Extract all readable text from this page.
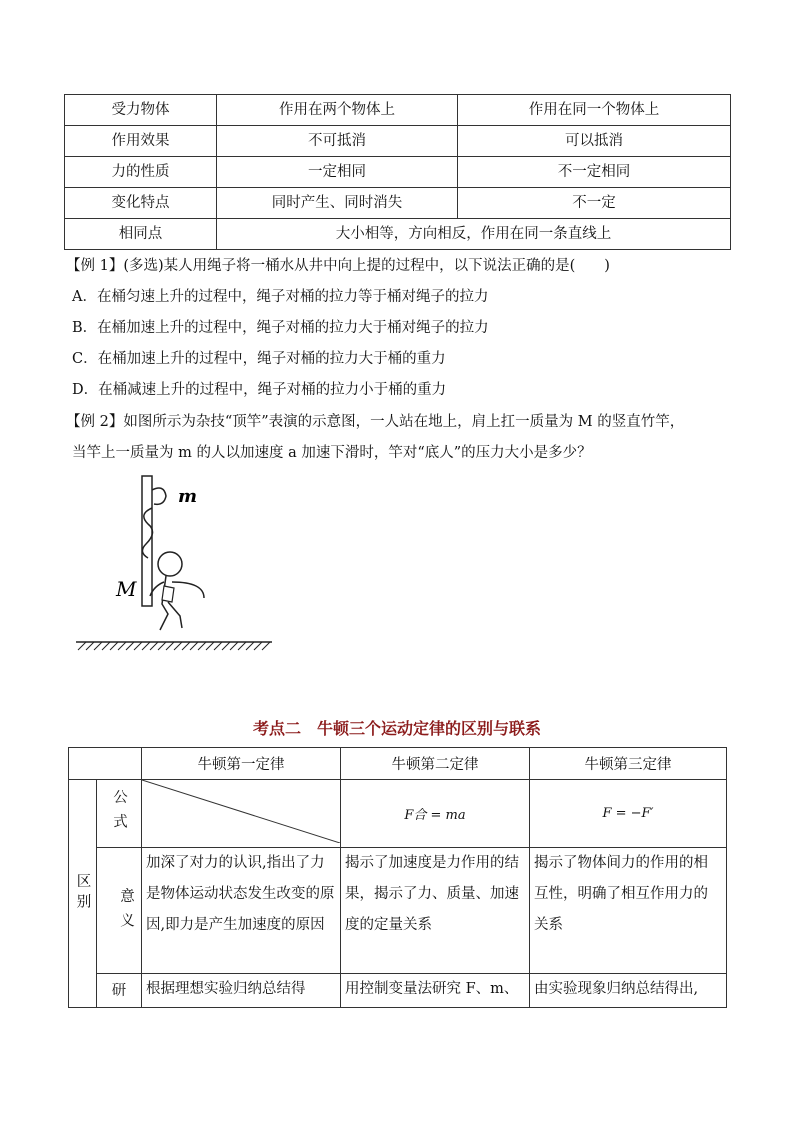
受力物体	作用在两个物体上	作用在同一个物体上
作用效果	不可抵消	可以抵消
力的性质	一定相同	不一定相同
变化特点	同时产生、同时消失	不一定
相同点	大小相等，方向相反，作用在同一条直线上	
【例 1】(多选)某人用绳子将一桶水从井中向上提的过程中，以下说法正确的是(　　)
A．在桶匀速上升的过程中，绳子对桶的拉力等于桶对绳子的拉力
B．在桶加速上升的过程中，绳子对桶的拉力大于桶对绳子的拉力
C．在桶加速上升的过程中，绳子对桶的拉力大于桶的重力
D．在桶减速上升的过程中，绳子对桶的拉力小于桶的重力
【例 2】如图所示为杂技“顶竿”表演的示意图，一人站在地上，肩上扛一质量为 M 的竖直竹竿，
当竿上一质量为 m 的人以加速度 a 加速下滑时，竿对“底人”的压力大小是多少？
m
M
考点二　牛顿三个运动定律的区别与联系
		牛顿第一定律	牛顿第二定律	牛顿第三定律
区别	公式		F合 = ma	F = −F′
	意义	加深了对力的认识,指出了力是物体运动状态发生改变的原因,即力是产生加速度的原因	揭示了加速度是力作用的结果，揭示了力、质量、加速度的定量关系	揭示了物体间力的作用的相互性，明确了相互作用力的关系
	研	根据理想实验归纳总结得	用控制变量法研究 F、m、	由实验现象归纳总结得出,
